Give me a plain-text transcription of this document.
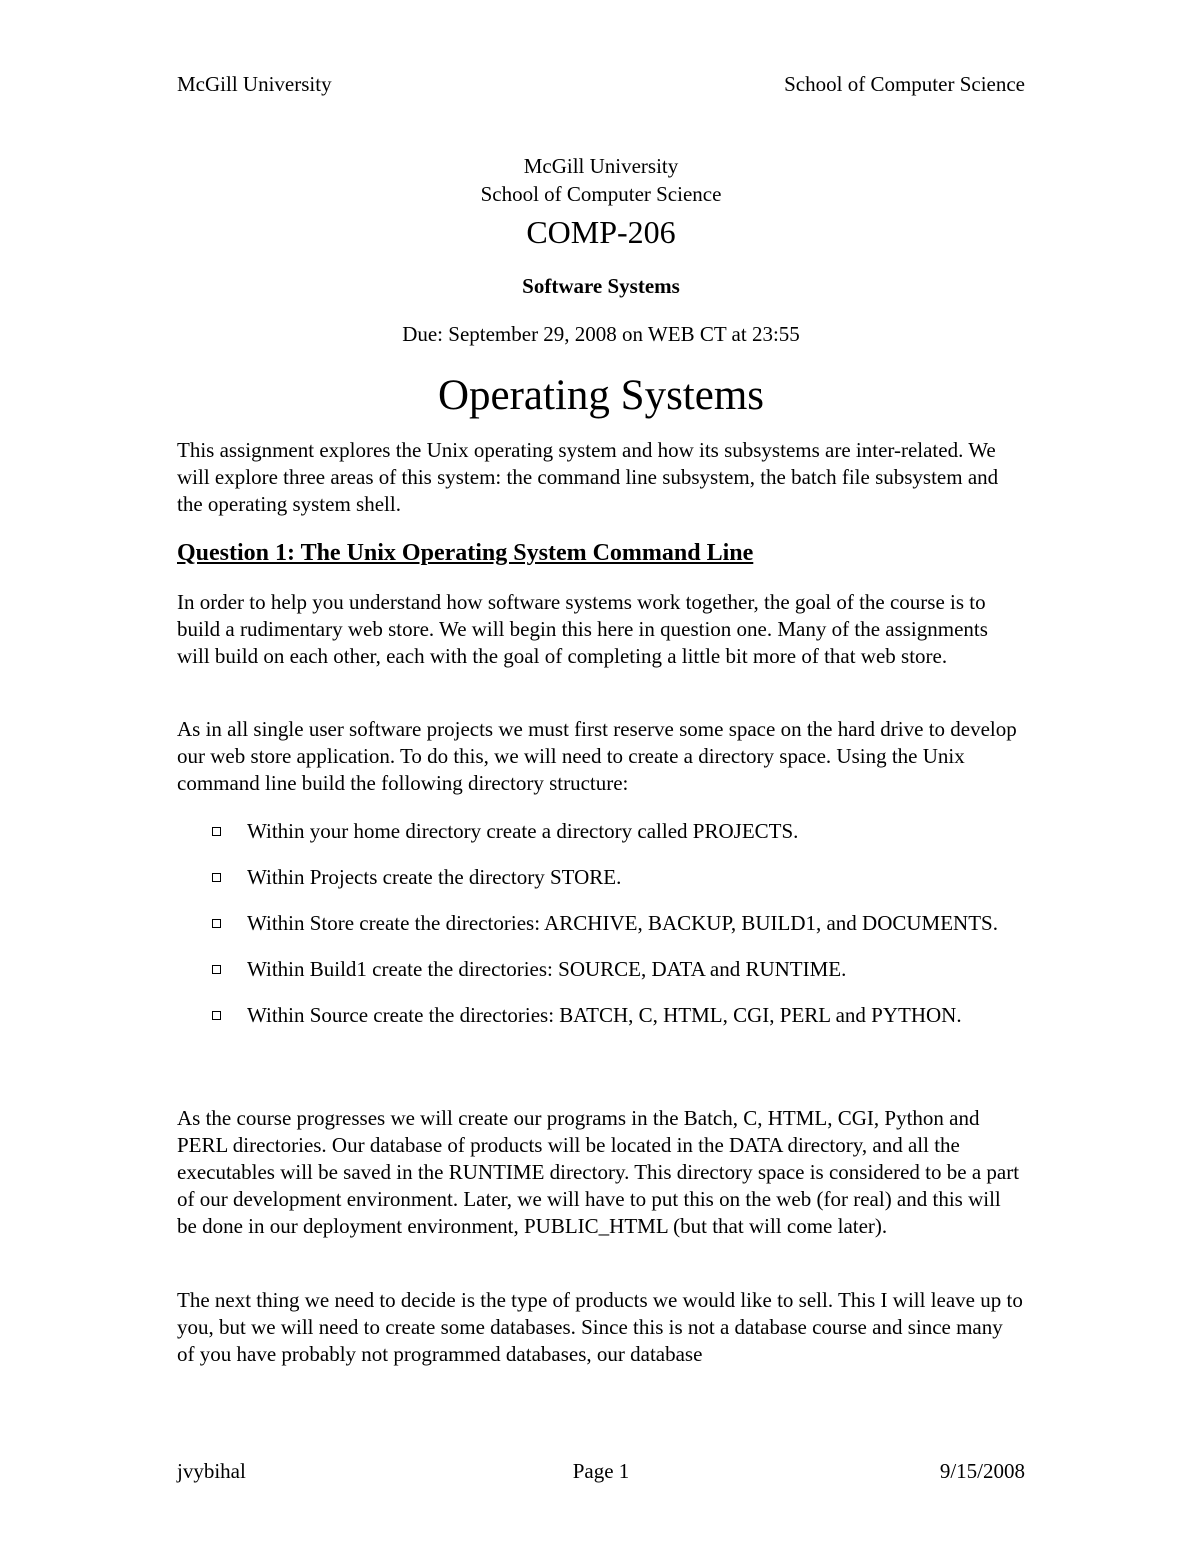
McGill University	School of Computer Science

McGill University

School of Computer Science

COMP-206

Software Systems

Due: September 29, 2008 on WEB CT at 23:55

Operating Systems

This assignment explores the Unix operating system and how its subsystems are inter-related. We will explore three areas of this system: the command line subsystem, the batch file subsystem and the operating system shell.

Question 1: The Unix Operating System Command Line

In order to help you understand how software systems work together, the goal of the course is to build a rudimentary web store. We will begin this here in question one. Many of the assignments will build on each other, each with the goal of completing a little bit more of that web store.

As in all single user software projects we must first reserve some space on the hard drive to develop our web store application. To do this, we will need to create a directory space. Using the Unix command line build the following directory structure:

Within your home directory create a directory called PROJECTS.
Within Projects create the directory STORE.
Within Store create the directories: ARCHIVE, BACKUP, BUILD1, and DOCUMENTS.
Within Build1 create the directories: SOURCE, DATA and RUNTIME.
Within Source create the directories: BATCH, C, HTML, CGI, PERL and PYTHON.

As the course progresses we will create our programs in the Batch, C, HTML, CGI, Python and PERL directories. Our database of products will be located in the DATA directory, and all the executables will be saved in the RUNTIME directory. This directory space is considered to be a part of our development environment. Later, we will have to put this on the web (for real) and this will be done in our deployment environment, PUBLIC_HTML (but that will come later).

The next thing we need to decide is the type of products we would like to sell. This I will leave up to you, but we will need to create some databases. Since this is not a database course and since many of you have probably not programmed databases, our database

jvybihal	Page 1	9/15/2008
